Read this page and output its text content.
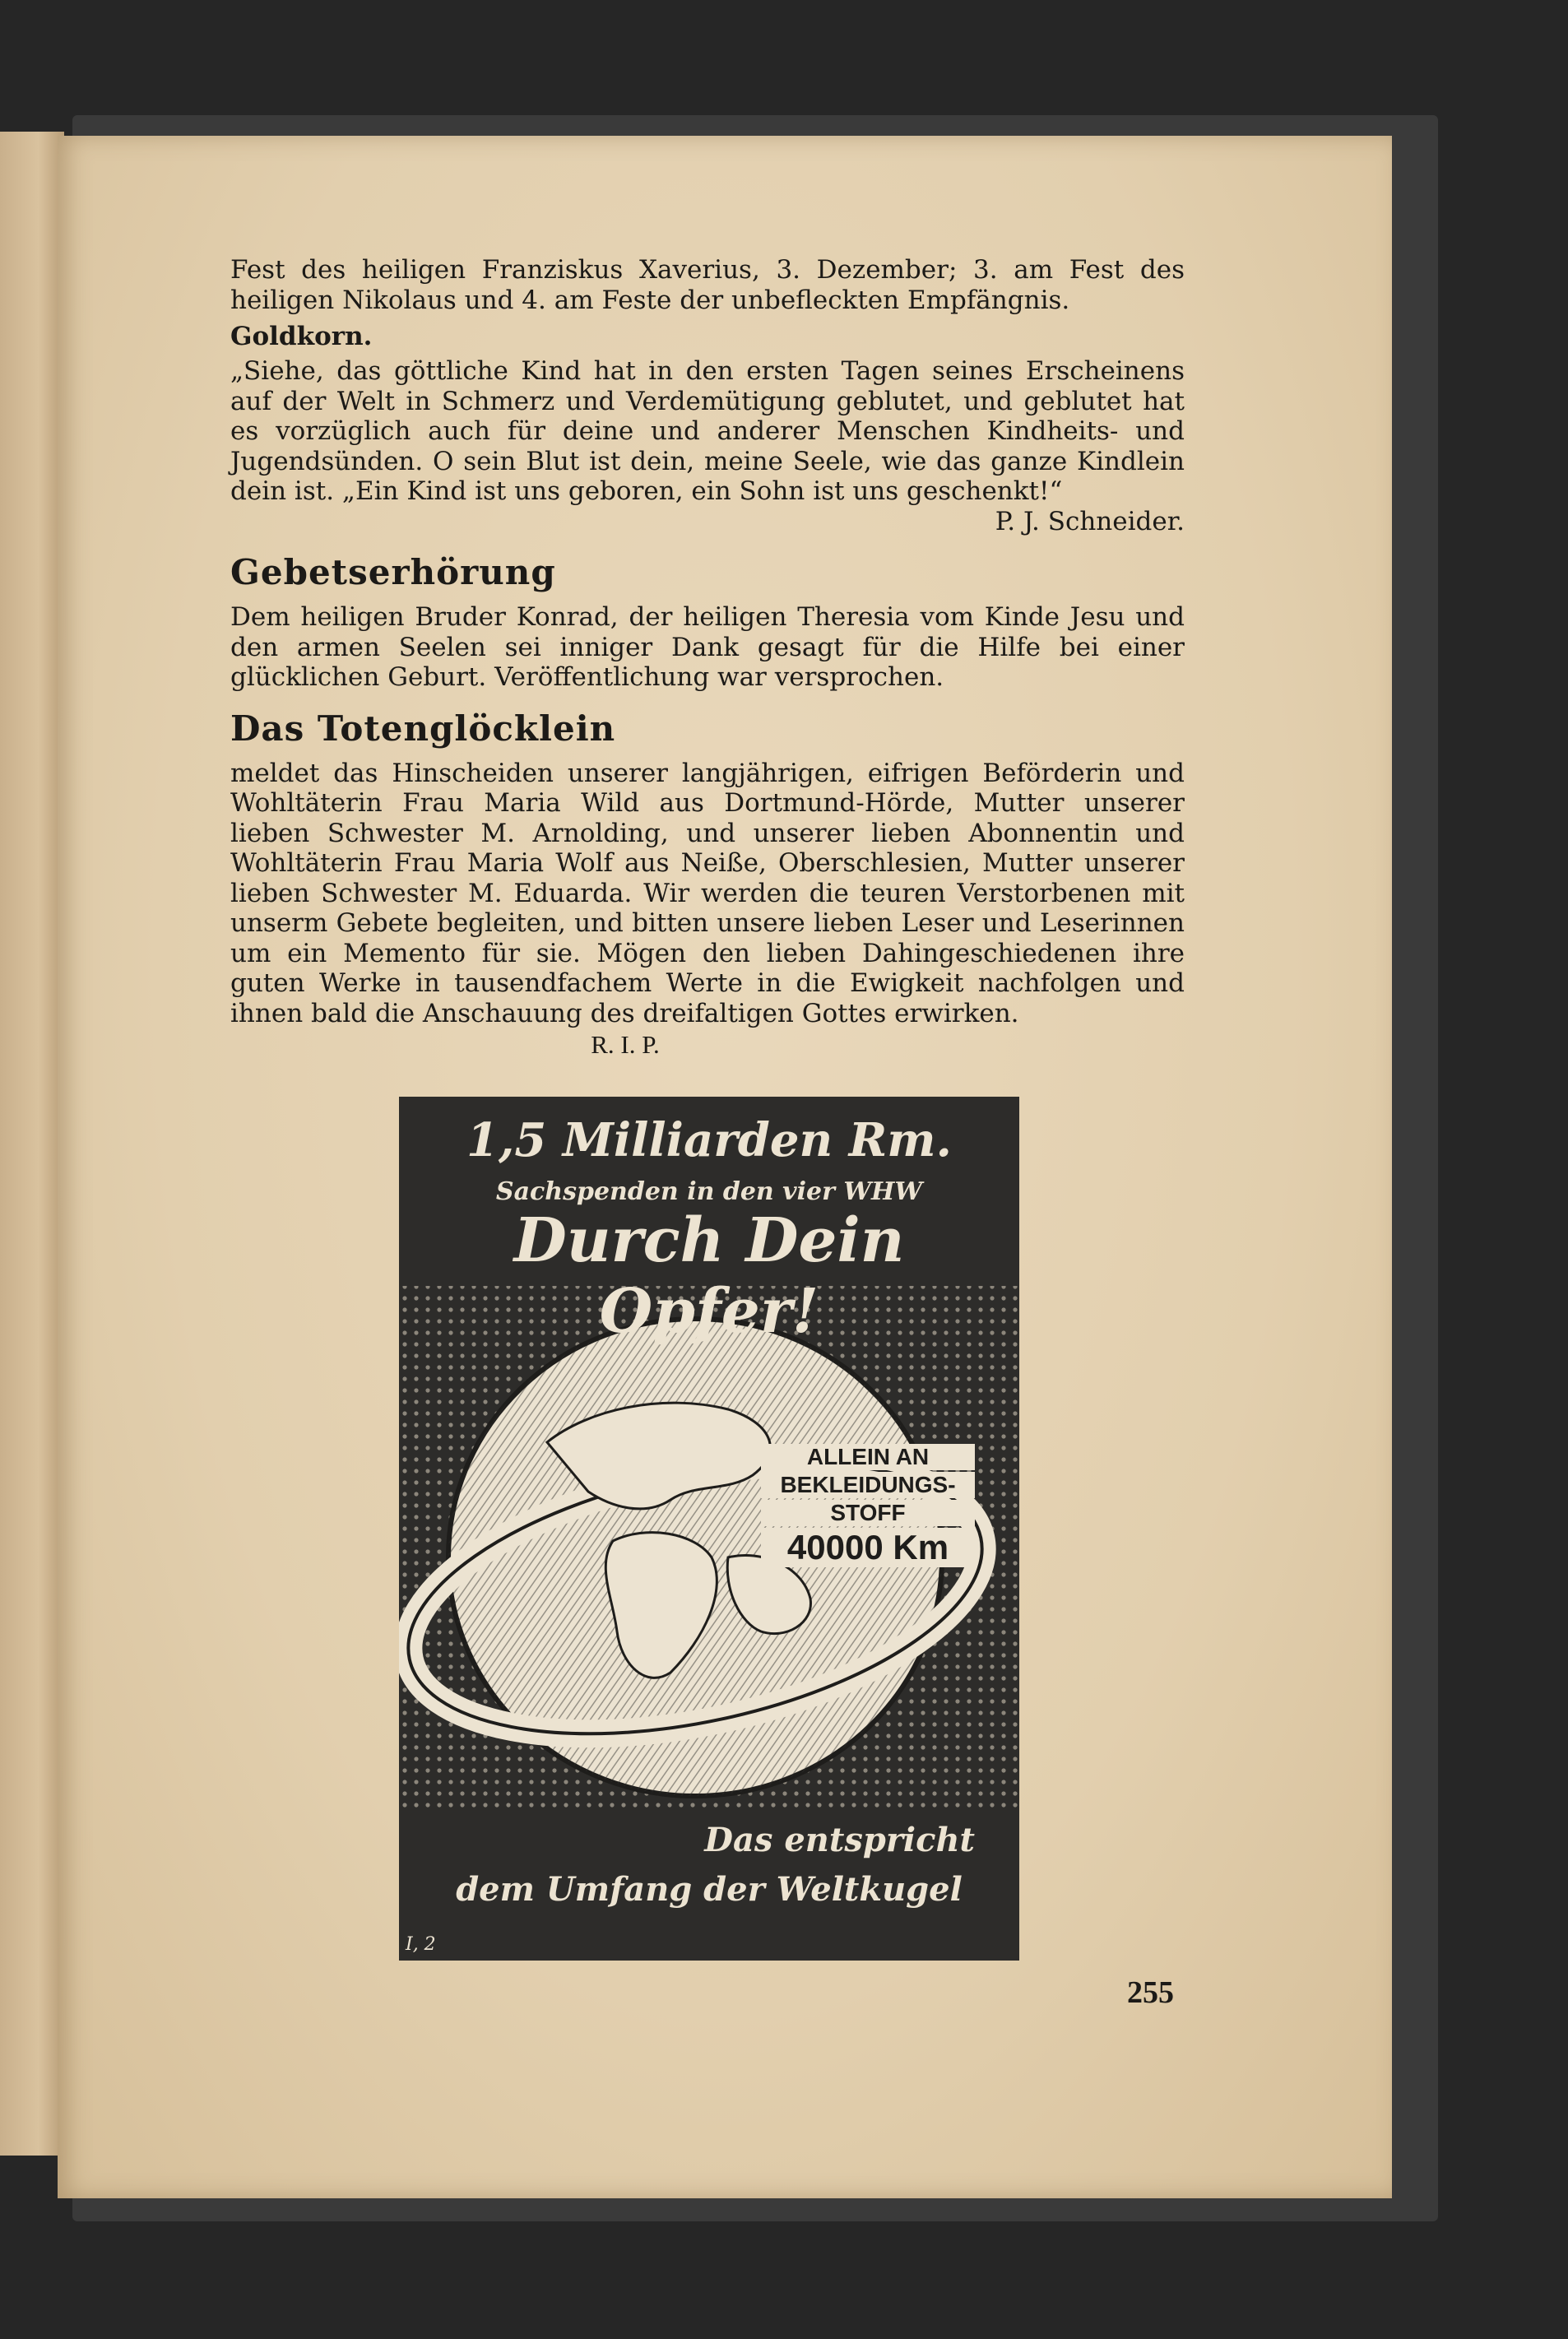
Fest des heiligen Franziskus Xaverius, 3. Dezember; 3. am Fest des heiligen Nikolaus und 4. am Feste der unbefleckten Empfängnis.

Goldkorn.

„Siehe, das göttliche Kind hat in den ersten Tagen seines Erscheinens auf der Welt in Schmerz und Verdemütigung geblutet, und geblutet hat es vorzüglich auch für deine und anderer Menschen Kindheits- und Jugendsünden. O sein Blut ist dein, meine Seele, wie das ganze Kindlein dein ist. „Ein Kind ist uns geboren, ein Sohn ist uns geschenkt!“

P. J. Schneider.

Gebetserhörung

Dem heiligen Bruder Konrad, der heiligen Theresia vom Kinde Jesu und den armen Seelen sei inniger Dank gesagt für die Hilfe bei einer glücklichen Geburt. Veröffentlichung war versprochen.

Das Totenglöcklein

meldet das Hinscheiden unserer langjährigen, eifrigen Beförderin und Wohltäterin Frau Maria Wild aus Dortmund-Hörde, Mutter unserer lieben Schwester M. Arnolding, und unserer lieben Abonnentin und Wohltäterin Frau Maria Wolf aus Neiße, Oberschlesien, Mutter unserer lieben Schwester M. Eduarda. Wir werden die teuren Verstorbenen mit unserm Gebete begleiten, und bitten unsere lieben Leser und Leserinnen um ein Memento für sie. Mögen den lieben Dahingeschiedenen ihre guten Werke in tausendfachem Werte in die Ewigkeit nachfolgen und ihnen bald die Anschauung des dreifaltigen Gottes erwirken.

R. I. P.
1,5 Milliarden Rm.
Sachspenden in den vier WHW
Durch Dein Opfer!
ALLEIN AN
BEKLEIDUNGS-
STOFF
40000 Km
Das entspricht
dem Umfang der Weltkugel
I, 2
255
